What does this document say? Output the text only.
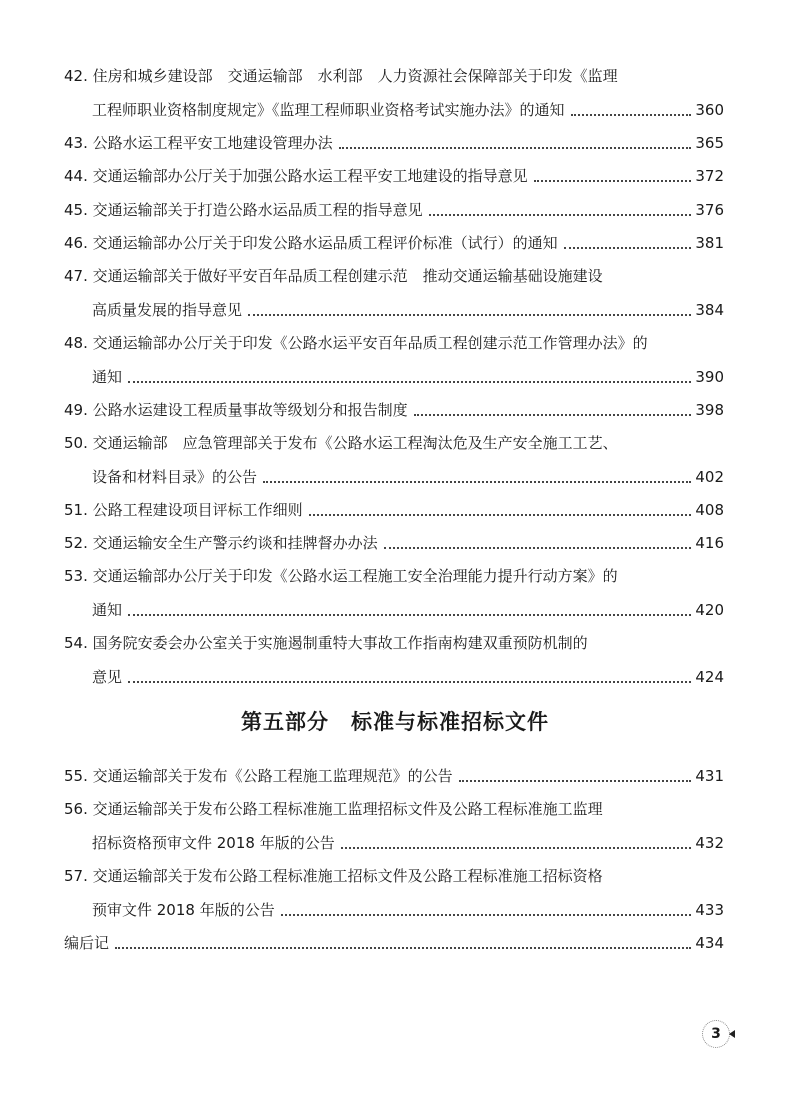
42. 住房和城乡建设部　交通运输部　水利部　人力资源社会保障部关于印发《监理
工程师职业资格制度规定》《监理工程师职业资格考试实施办法》的通知	360
43. 公路水运工程平安工地建设管理办法	365
44. 交通运输部办公厅关于加强公路水运工程平安工地建设的指导意见	372
45. 交通运输部关于打造公路水运品质工程的指导意见	376
46. 交通运输部办公厅关于印发公路水运品质工程评价标准（试行）的通知	381
47. 交通运输部关于做好平安百年品质工程创建示范　推动交通运输基础设施建设
高质量发展的指导意见	384
48. 交通运输部办公厅关于印发《公路水运平安百年品质工程创建示范工作管理办法》的
通知	390
49. 公路水运建设工程质量事故等级划分和报告制度	398
50. 交通运输部　应急管理部关于发布《公路水运工程淘汰危及生产安全施工工艺、
设备和材料目录》的公告	402
51. 公路工程建设项目评标工作细则	408
52. 交通运输安全生产警示约谈和挂牌督办办法	416
53. 交通运输部办公厅关于印发《公路水运工程施工安全治理能力提升行动方案》的
通知	420
54. 国务院安委会办公室关于实施遏制重特大事故工作指南构建双重预防机制的
意见	424
第五部分　标准与标准招标文件
55. 交通运输部关于发布《公路工程施工监理规范》的公告	431
56. 交通运输部关于发布公路工程标准施工监理招标文件及公路工程标准施工监理
招标资格预审文件 2018 年版的公告	432
57. 交通运输部关于发布公路工程标准施工招标文件及公路工程标准施工招标资格
预审文件 2018 年版的公告	433
编后记	434
3
